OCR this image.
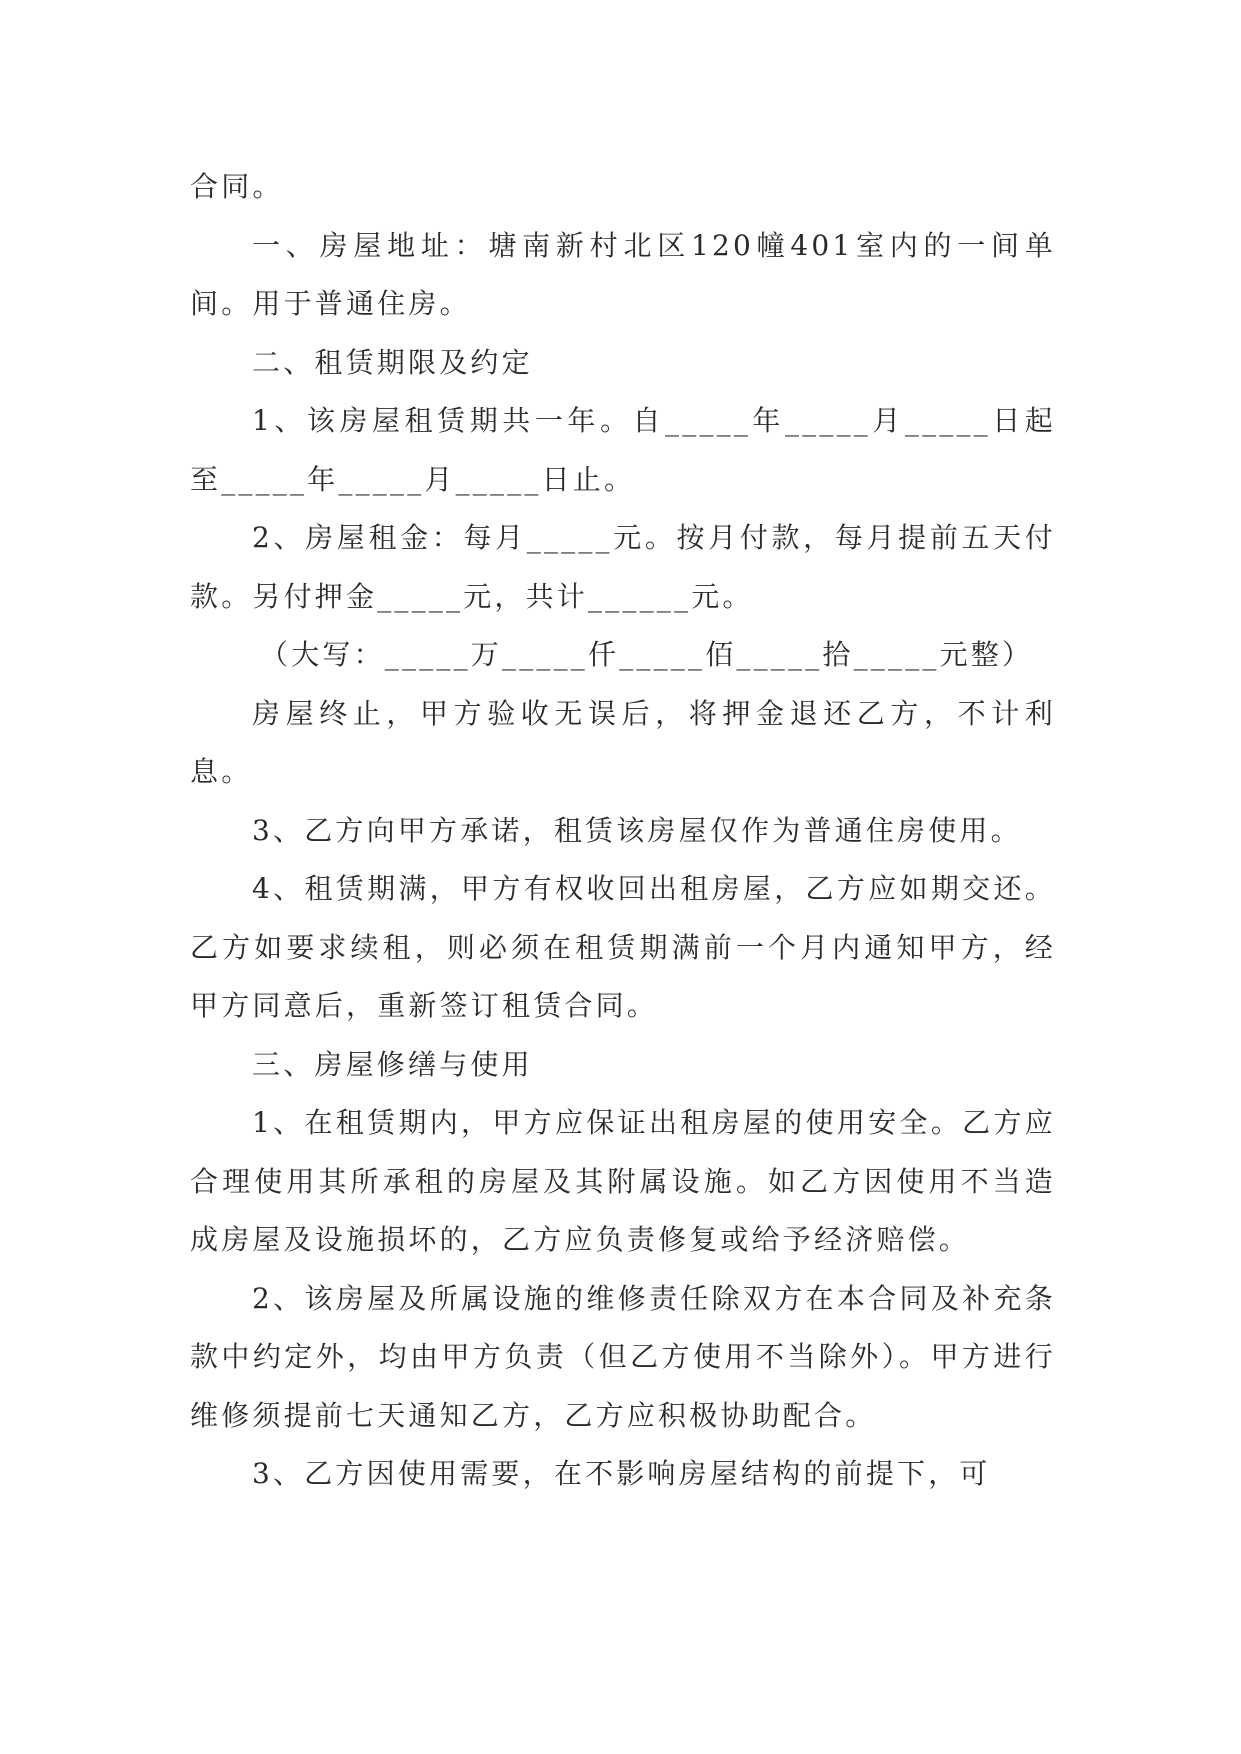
合同。

一、房屋地址：塘南新村北区120幢401室内的一间单间。用于普通住房。

二、租赁期限及约定

1、该房屋租赁期共一年。自_____年_____月_____日起至_____年_____月_____日止。

2、房屋租金：每月_____元。按月付款，每月提前五天付款。另付押金_____元，共计______元。

（大写：_____万_____仟_____佰_____拾_____元整）

房屋终止，甲方验收无误后，将押金退还乙方，不计利息。

3、乙方向甲方承诺，租赁该房屋仅作为普通住房使用。

4、租赁期满，甲方有权收回出租房屋，乙方应如期交还。乙方如要求续租，则必须在租赁期满前一个月内通知甲方，经甲方同意后，重新签订租赁合同。

三、房屋修缮与使用

1、在租赁期内，甲方应保证出租房屋的使用安全。乙方应合理使用其所承租的房屋及其附属设施。如乙方因使用不当造成房屋及设施损坏的，乙方应负责修复或给予经济赔偿。

2、该房屋及所属设施的维修责任除双方在本合同及补充条款中约定外，均由甲方负责（但乙方使用不当除外）。甲方进行维修须提前七天通知乙方，乙方应积极协助配合。

3、乙方因使用需要，在不影响房屋结构的前提下，可
